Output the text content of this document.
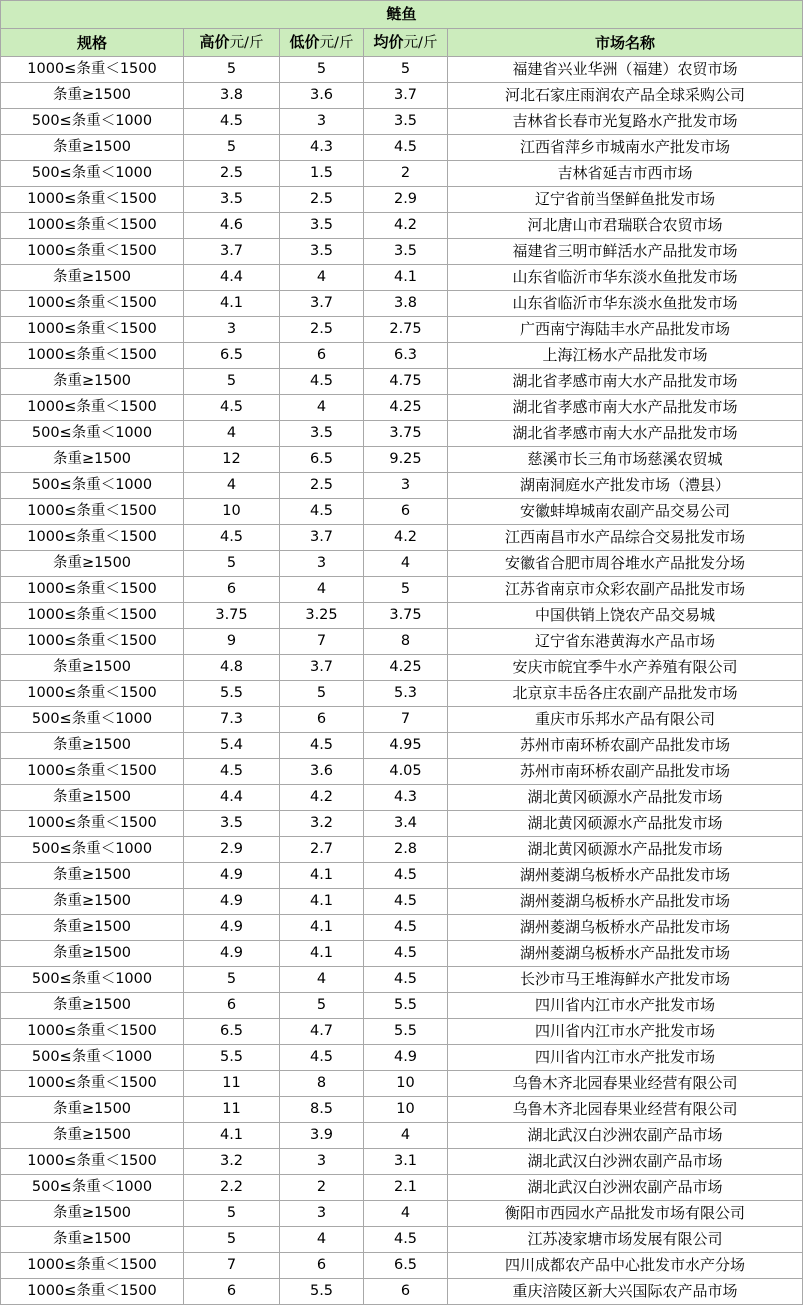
鲢鱼				
规格	高价元/斤	低价元/斤	均价元/斤	市场名称
1000≤条重＜1500	5	5	5	福建省兴业华洲（福建）农贸市场
条重≥1500	3.8	3.6	3.7	河北石家庄雨润农产品全球采购公司
500≤条重＜1000	4.5	3	3.5	吉林省长春市光复路水产批发市场
条重≥1500	5	4.3	4.5	江西省萍乡市城南水产批发市场
500≤条重＜1000	2.5	1.5	2	吉林省延吉市西市场
1000≤条重＜1500	3.5	2.5	2.9	辽宁省前当堡鲜鱼批发市场
1000≤条重＜1500	4.6	3.5	4.2	河北唐山市君瑞联合农贸市场
1000≤条重＜1500	3.7	3.5	3.5	福建省三明市鲜活水产品批发市场
条重≥1500	4.4	4	4.1	山东省临沂市华东淡水鱼批发市场
1000≤条重＜1500	4.1	3.7	3.8	山东省临沂市华东淡水鱼批发市场
1000≤条重＜1500	3	2.5	2.75	广西南宁海陆丰水产品批发市场
1000≤条重＜1500	6.5	6	6.3	上海江杨水产品批发市场
条重≥1500	5	4.5	4.75	湖北省孝感市南大水产品批发市场
1000≤条重＜1500	4.5	4	4.25	湖北省孝感市南大水产品批发市场
500≤条重＜1000	4	3.5	3.75	湖北省孝感市南大水产品批发市场
条重≥1500	12	6.5	9.25	慈溪市长三角市场慈溪农贸城
500≤条重＜1000	4	2.5	3	湖南洞庭水产批发市场（澧县）
1000≤条重＜1500	10	4.5	6	安徽蚌埠城南农副产品交易公司
1000≤条重＜1500	4.5	3.7	4.2	江西南昌市水产品综合交易批发市场
条重≥1500	5	3	4	安徽省合肥市周谷堆水产品批发分场
1000≤条重＜1500	6	4	5	江苏省南京市众彩农副产品批发市场
1000≤条重＜1500	3.75	3.25	3.75	中国供销上饶农产品交易城
1000≤条重＜1500	9	7	8	辽宁省东港黄海水产品市场
条重≥1500	4.8	3.7	4.25	安庆市皖宜季牛水产养殖有限公司
1000≤条重＜1500	5.5	5	5.3	北京京丰岳各庄农副产品批发市场
500≤条重＜1000	7.3	6	7	重庆市乐邦水产品有限公司
条重≥1500	5.4	4.5	4.95	苏州市南环桥农副产品批发市场
1000≤条重＜1500	4.5	3.6	4.05	苏州市南环桥农副产品批发市场
条重≥1500	4.4	4.2	4.3	湖北黄冈硕源水产品批发市场
1000≤条重＜1500	3.5	3.2	3.4	湖北黄冈硕源水产品批发市场
500≤条重＜1000	2.9	2.7	2.8	湖北黄冈硕源水产品批发市场
条重≥1500	4.9	4.1	4.5	湖州菱湖乌板桥水产品批发市场
条重≥1500	4.9	4.1	4.5	湖州菱湖乌板桥水产品批发市场
条重≥1500	4.9	4.1	4.5	湖州菱湖乌板桥水产品批发市场
条重≥1500	4.9	4.1	4.5	湖州菱湖乌板桥水产品批发市场
500≤条重＜1000	5	4	4.5	长沙市马王堆海鲜水产批发市场
条重≥1500	6	5	5.5	四川省内江市水产批发市场
1000≤条重＜1500	6.5	4.7	5.5	四川省内江市水产批发市场
500≤条重＜1000	5.5	4.5	4.9	四川省内江市水产批发市场
1000≤条重＜1500	11	8	10	乌鲁木齐北园春果业经营有限公司
条重≥1500	11	8.5	10	乌鲁木齐北园春果业经营有限公司
条重≥1500	4.1	3.9	4	湖北武汉白沙洲农副产品市场
1000≤条重＜1500	3.2	3	3.1	湖北武汉白沙洲农副产品市场
500≤条重＜1000	2.2	2	2.1	湖北武汉白沙洲农副产品市场
条重≥1500	5	3	4	衡阳市西园水产品批发市场有限公司
条重≥1500	5	4	4.5	江苏凌家塘市场发展有限公司
1000≤条重＜1500	7	6	6.5	四川成都农产品中心批发市水产分场
1000≤条重＜1500	6	5.5	6	重庆涪陵区新大兴国际农产品市场
